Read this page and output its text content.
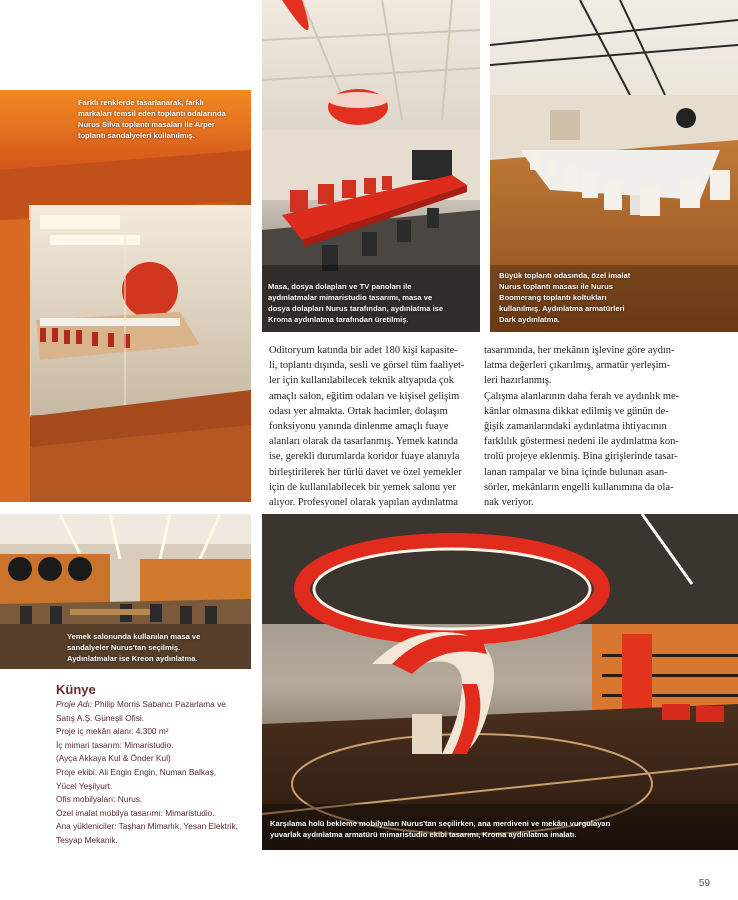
Farklı renklerde tasarlanarak, farklı
markaları temsil eden toplantı odalarında
Nurus Silva toplantı masaları ile Arper
toplantı sandalyeleri kullanılmış.
Masa, dosya dolapları ve TV panoları ile
aydınlatmalar mimaristudio tasarımı, masa ve
dosya dolapları Nurus tarafından, aydınlatma ise
Kroma aydınlatma tarafından üretilmiş.
Büyük toplantı odasında, özel imalat
Nurus toplantı masası ile Nurus
Boomerang toplantı koltukları
kullanılmış. Aydınlatma armatürleri
Dark aydınlatma.
Oditoryum katında bir adet 180 kişi kapasite-
li, toplantı dışında, sesli ve görsel tüm faaliyet-
ler için kullanılabilecek teknik altyapıda çok
amaçlı salon, eğitim odaları ve kişisel gelişim
odası yer almakta. Ortak hacimler, dolaşım
fonksiyonu yanında dinlenme amaçlı fuaye
alanları olarak da tasarlanmış. Yemek katında
ise, gerekli durumlarda koridor fuaye alanıyla
birleştirilerek her türlü davet ve özel yemekler
için de kullanılabilecek bir yemek salonu yer
alıyor. Profesyonel olarak yapılan aydınlatma
tasarımında, her mekânın işlevine göre aydın-
latma değerleri çıkarılmış, armatür yerleşim-
leri hazırlanmış.
Çalışma alanlarının daha ferah ve aydınlık me-
kânlar olmasına dikkat edilmiş ve günün de-
ğişik zamanlarındaki aydınlatma ihtiyacının
farklılık göstermesi nedeni ile aydınlatma kon-
trolü projeye eklenmiş. Bina girişlerinde tasar-
lanan rampalar ve bina içinde bulunan asan-
sörler, mekânların engelli kullanımına da ola-
nak veriyor.
Yemek salonunda kullanılan masa ve
sandalyeler Nurus'tan seçilmiş.
Aydınlatmalar ise Kreon aydınlatma.
Künye
Proje Adı: Philip Morris Sabancı Pazarlama ve
Satış A.Ş. Güneşli Ofisi.
Proje iç mekân alanı: 4.300 m²
İç mimari tasarım: Mimaristudio.
(Ayça Akkaya Kul & Önder Kul)
Proje ekibi: Ali Engin Engin, Numan Balkaş,
Yücel Yeşilyurt.
Ofis mobilyaları: Nurus.
Özel imalat mobilya tasarımı: Mimaristudio.
Ana yükleniciler: Taşhan Mimarlık, Yesan Elektrik,
Tesyap Mekanik.
Karşılama holü bekleme mobilyaları Nurus'tan seçilirken, ana merdiveni ve mekânı vurgulayan
yuvarlak aydınlatma armatürü mimaristudio ekibi tasarımı, Kroma aydınlatma imalatı.
59
